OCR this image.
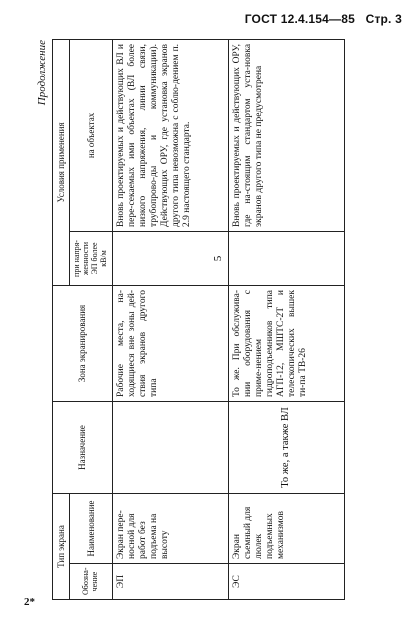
ГОСТ 12.4.154—85 Стр. 3
2*
Продолжение
Тип экрана		Назначение	Зона экранирования	Условия применения	
Обозна-чение	Наименование			при напря-женности ЭП более кВ/м	на объектах
ЭП	Экран пере-носной для работ без подъема на высоту		Рабочие места, на-ходящиеся вне зоны дей-ствия экранов другого типа	5	Вновь проектируемых и действующих ВЛ и пере-секаемых ими объектах (ВЛ более низкого напряжения, линии связи, трубопрово-ды и коммуникации). Действующих ОРУ, где установка экранов другого типа невозможна с соблю-дением п. 2.9 настоящего стандарта.
ЭС	Экран съемный для люлек подъемных механизмов	То же, а также ВЛ	То же. При обслужива-нии оборудования с приме-нением гидроподъемников типа АГП-12, МШТС-2Т и телескопических вышек ти-па ТВ-26		Вновь проектируемых и действующих ОРУ, где на-стоящим стандартом уста-новка экранов другого типа не предусмотрена
